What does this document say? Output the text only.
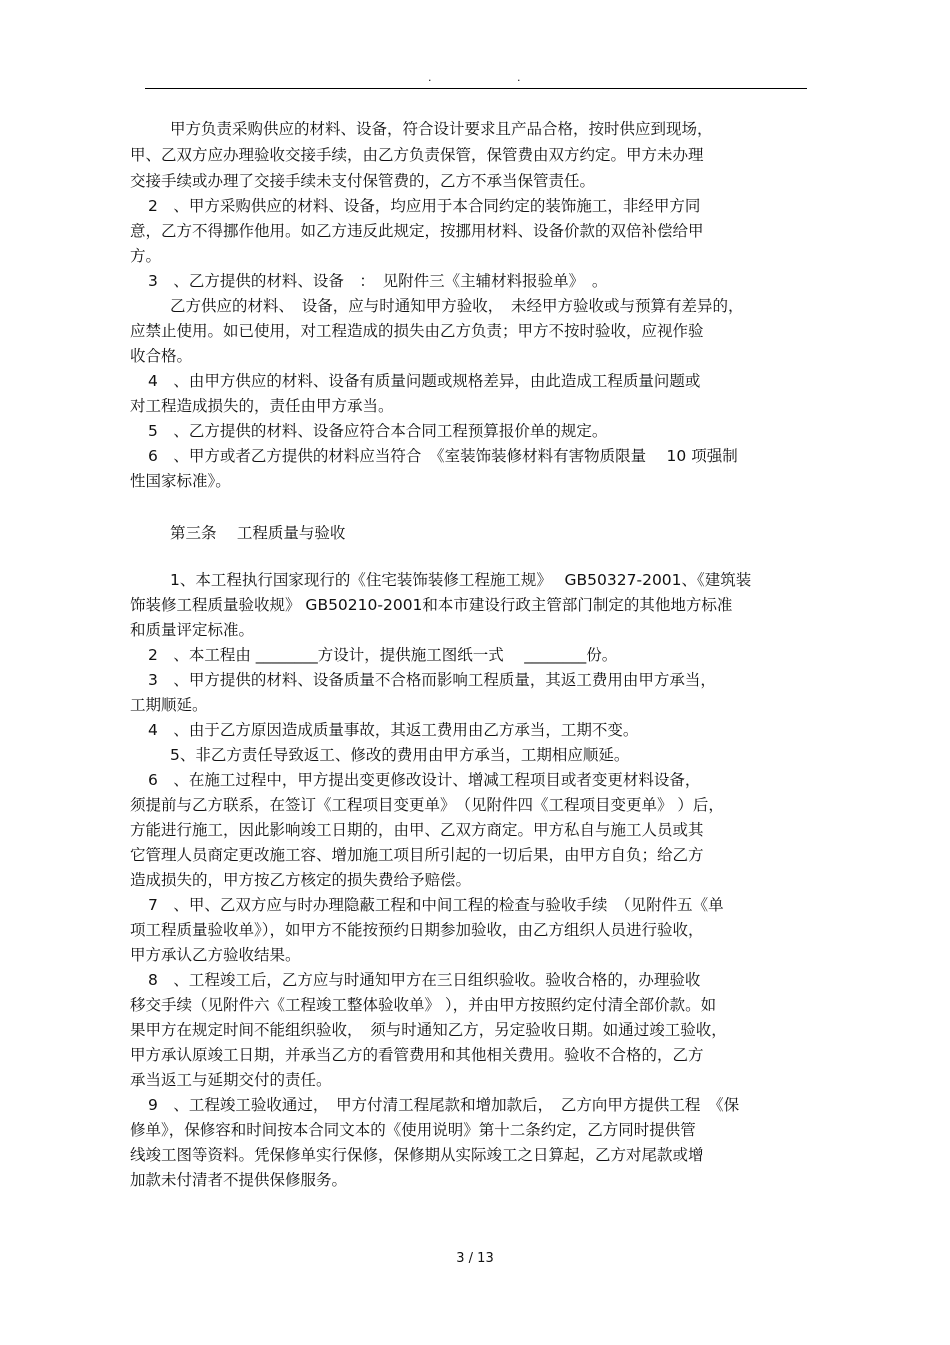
.	.

甲方负责采购供应的材料、设备，符合设计要求且产品合格，按时供应到现场，

甲、乙双方应办理验收交接手续，由乙方负责保管，保管费由双方约定。甲方未办理

交接手续或办理了交接手续未支付保管费的，乙方不承当保管责任。

2　、甲方采购供应的材料、设备，均应用于本合同约定的装饰施工，非经甲方同

意，乙方不得挪作他用。如乙方违反此规定，按挪用材料、设备价款的双倍补偿给甲

方。

3　、乙方提供的材料、设备　：　见附件三《主辅材料报验单》　。

乙方供应的材料、　设备，应与时通知甲方验收，　未经甲方验收或与预算有差异的，

应禁止使用。如已使用，对工程造成的损失由乙方负责；甲方不按时验收，应视作验

收合格。

4　、由甲方供应的材料、设备有质量问题或规格差异，由此造成工程质量问题或

对工程造成损失的，责任由甲方承当。

5　、乙方提供的材料、设备应符合本合同工程预算报价单的规定。

6　、甲方或者乙方提供的材料应当符合　《室装饰装修材料有害物质限量　 10 项强制

性国家标准》。

第三条　 工程质量与验收

1、本工程执行国家现行的《住宅装饰装修工程施工规》　 GB50327-2001、《建筑装

饰装修工程质量验收规》 GB50210-2001和本市建设行政主管部门制定的其他地方标准

和质量评定标准。

2　、本工程由 ________方设计，提供施工图纸一式　 ________份。

3　、甲方提供的材料、设备质量不合格而影响工程质量，其返工费用由甲方承当，

工期顺延。

4　、由于乙方原因造成质量事故，其返工费用由乙方承当，工期不变。

5、非乙方责任导致返工、修改的费用由甲方承当，工期相应顺延。

6　、在施工过程中，甲方提出变更修改设计、增减工程项目或者变更材料设备，

须提前与乙方联系，在签订《工程项目变更单》　（见附件四《工程项目变更单》 ）后，

方能进行施工，因此影响竣工日期的，由甲、乙双方商定。甲方私自与施工人员或其

它管理人员商定更改施工容、增加施工项目所引起的一切后果，由甲方自负；给乙方

造成损失的，甲方按乙方核定的损失费给予赔偿。

7　、甲、乙双方应与时办理隐蔽工程和中间工程的检查与验收手续　（见附件五《单

项工程质量验收单》），如甲方不能按预约日期参加验收，由乙方组织人员进行验收，

甲方承认乙方验收结果。

8　、工程竣工后，乙方应与时通知甲方在三日组织验收。验收合格的，办理验收

移交手续（见附件六《工程竣工整体验收单》 ），并由甲方按照约定付清全部价款。如

果甲方在规定时间不能组织验收，　须与时通知乙方，另定验收日期。如通过竣工验收，

甲方承认原竣工日期，并承当乙方的看管费用和其他相关费用。验收不合格的，乙方

承当返工与延期交付的责任。

9　、工程竣工验收通过，　甲方付清工程尾款和增加款后，　乙方向甲方提供工程　《保

修单》，保修容和时间按本合同文本的《使用说明》第十二条约定，乙方同时提供管

线竣工图等资料。凭保修单实行保修，保修期从实际竣工之日算起，乙方对尾款或增

加款未付清者不提供保修服务。

3 / 13
